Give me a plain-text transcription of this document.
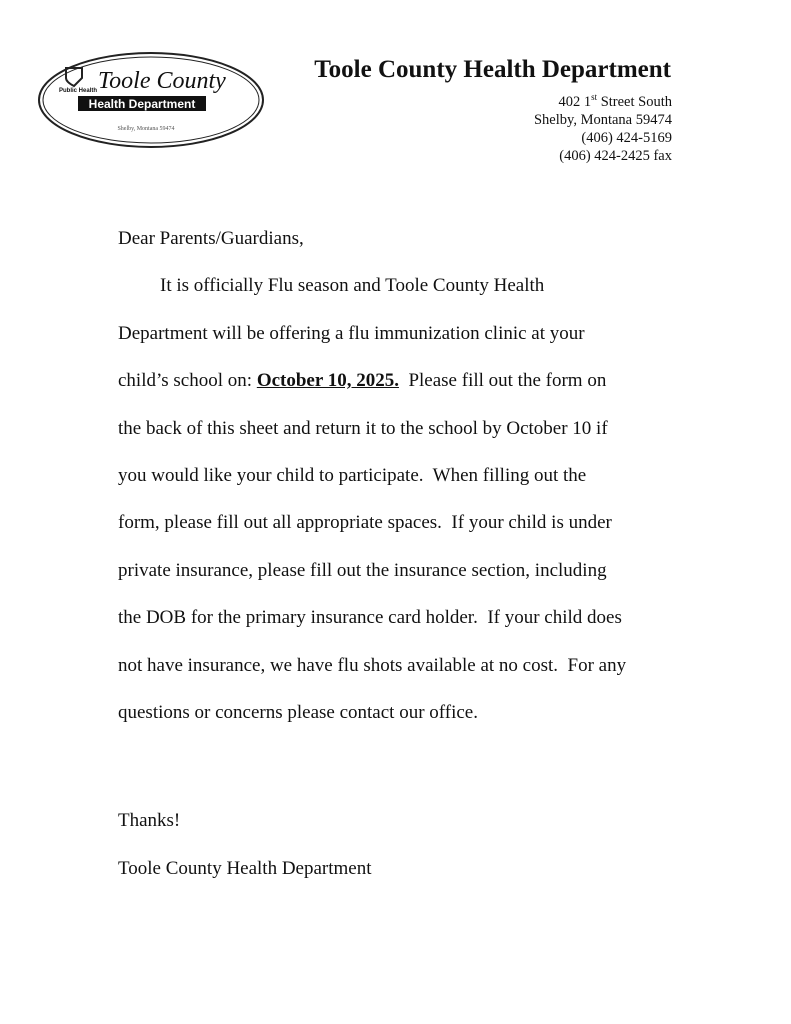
Public Health Toole County
Health Department
Shelby, Montana 59474
Toole County Health Department
402 1st Street South
Shelby, Montana 59474
(406) 424-5169
(406) 424-2425 fax
Dear Parents/Guardians,
It is officially Flu season and Toole County Health
Department will be offering a flu immunization clinic at your
child’s school on: October 10, 2025.  Please fill out the form on
the back of this sheet and return it to the school by October 10 if
you would like your child to participate.  When filling out the
form, please fill out all appropriate spaces.  If your child is under
private insurance, please fill out the insurance section, including
the DOB for the primary insurance card holder.  If your child does
not have insurance, we have flu shots available at no cost.  For any
questions or concerns please contact our office.
Thanks!
Toole County Health Department
